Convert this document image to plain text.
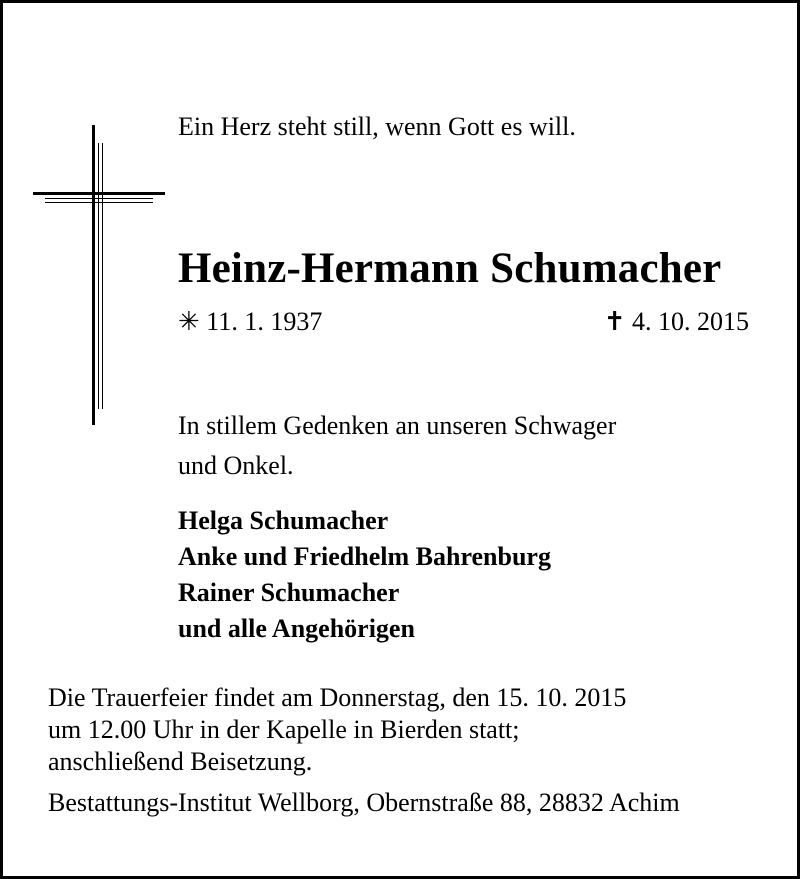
Ein Herz steht still, wenn Gott es will.
Heinz-Hermann Schumacher
✳ 11. 1. 1937	✝ 4. 10. 2015
In stillem Gedenken an unseren Schwager
und Onkel.
Helga Schumacher
Anke und Friedhelm Bahrenburg
Rainer Schumacher
und alle Angehörigen
Die Trauerfeier findet am Donnerstag, den 15. 10. 2015
um 12.00 Uhr in der Kapelle in Bierden statt;
anschließend Beisetzung.
Bestattungs-Institut Wellborg, Obernstraße 88, 28832 Achim
